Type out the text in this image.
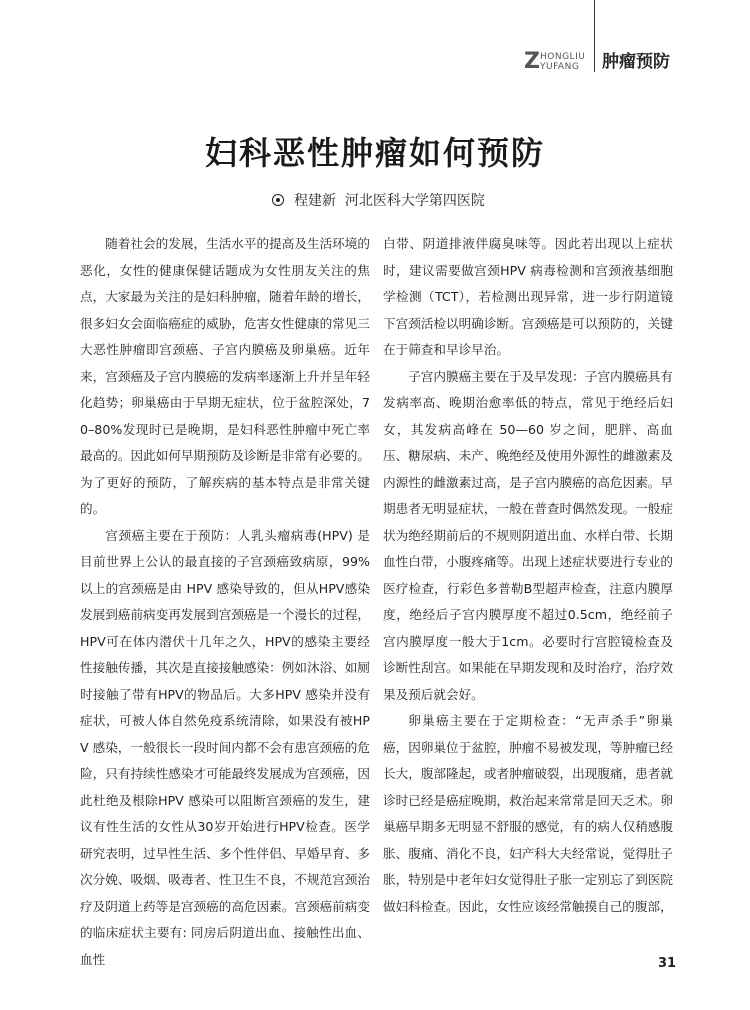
Z HONGLIU
YUFANG 肿瘤预防
妇科恶性肿瘤如何预防
程建新 河北医科大学第四医院

随着社会的发展，生活水平的提高及生活环境的恶化，女性的健康保健话题成为女性朋友关注的焦点，大家最为关注的是妇科肿瘤，随着年龄的增长，很多妇女会面临癌症的威胁，危害女性健康的常见三大恶性肿瘤即宫颈癌、子宫内膜癌及卵巢癌。近年来，宫颈癌及子宫内膜癌的发病率逐渐上升并呈年轻化趋势；卵巢癌由于早期无症状，位于盆腔深处，70–80%发现时已是晚期，是妇科恶性肿瘤中死亡率最高的。因此如何早期预防及诊断是非常有必要的。为了更好的预防，了解疾病的基本特点是非常关键的。

宫颈癌主要在于预防：人乳头瘤病毒(HPV) 是目前世界上公认的最直接的子宫颈癌致病原，99% 以上的宫颈癌是由 HPV 感染导致的，但从HPV感染发展到癌前病变再发展到宫颈癌是一个漫长的过程，HPV可在体内潜伏十几年之久，HPV的感染主要经性接触传播，其次是直接接触感染：例如沐浴、如厕时接触了带有HPV的物品后。大多HPV 感染并没有症状，可被人体自然免疫系统清除，如果没有被HPV 感染，一般很长一段时间内都不会有患宫颈癌的危险，只有持续性感染才可能最终发展成为宫颈癌，因此杜绝及根除HPV 感染可以阻断宫颈癌的发生，建议有性生活的女性从30岁开始进行HPV检查。医学研究表明，过早性生活、多个性伴侣、早婚早育、多次分娩、吸烟、吸毒者、性卫生不良，不规范宫颈治疗及阴道上药等是宫颈癌的高危因素。宫颈癌前病变的临床症状主要有: 同房后阴道出血、接触性出血、血性

白带、阴道排液伴腐臭味等。因此若出现以上症状时，建议需要做宫颈HPV 病毒检测和宫颈液基细胞学检测（TCT），若检测出现异常，进一步行阴道镜下宫颈活检以明确诊断。宫颈癌是可以预防的，关键在于筛查和早诊早治。

子宫内膜癌主要在于及早发现：子宫内膜癌具有发病率高、晚期治愈率低的特点，常见于绝经后妇女，其发病高峰在 50—60 岁之间，肥胖、高血压、糖尿病、未产、晚绝经及使用外源性的雌激素及内源性的雌激素过高，是子宫内膜癌的高危因素。早期患者无明显症状，一般在普查时偶然发现。一般症状为绝经期前后的不规则阴道出血、水样白带、长期血性白带，小腹疼痛等。出现上述症状要进行专业的医疗检查，行彩色多普勒B型超声检查，注意内膜厚度，绝经后子宫内膜厚度不超过0.5cm，绝经前子宫内膜厚度一般大于1cm。必要时行宫腔镜检查及诊断性刮宫。如果能在早期发现和及时治疗，治疗效果及预后就会好。

卵巢癌主要在于定期检查：“无声杀手”卵巢癌，因卵巢位于盆腔，肿瘤不易被发现，等肿瘤已经长大，腹部隆起，或者肿瘤破裂，出现腹痛，患者就诊时已经是癌症晚期，救治起来常常是回天乏术。卵巢癌早期多无明显不舒服的感觉，有的病人仅稍感腹胀、腹痛、消化不良，妇产科大夫经常说，觉得肚子胀，特别是中老年妇女觉得肚子胀一定别忘了到医院做妇科检查。因此，女性应该经常触摸自己的腹部，

31
